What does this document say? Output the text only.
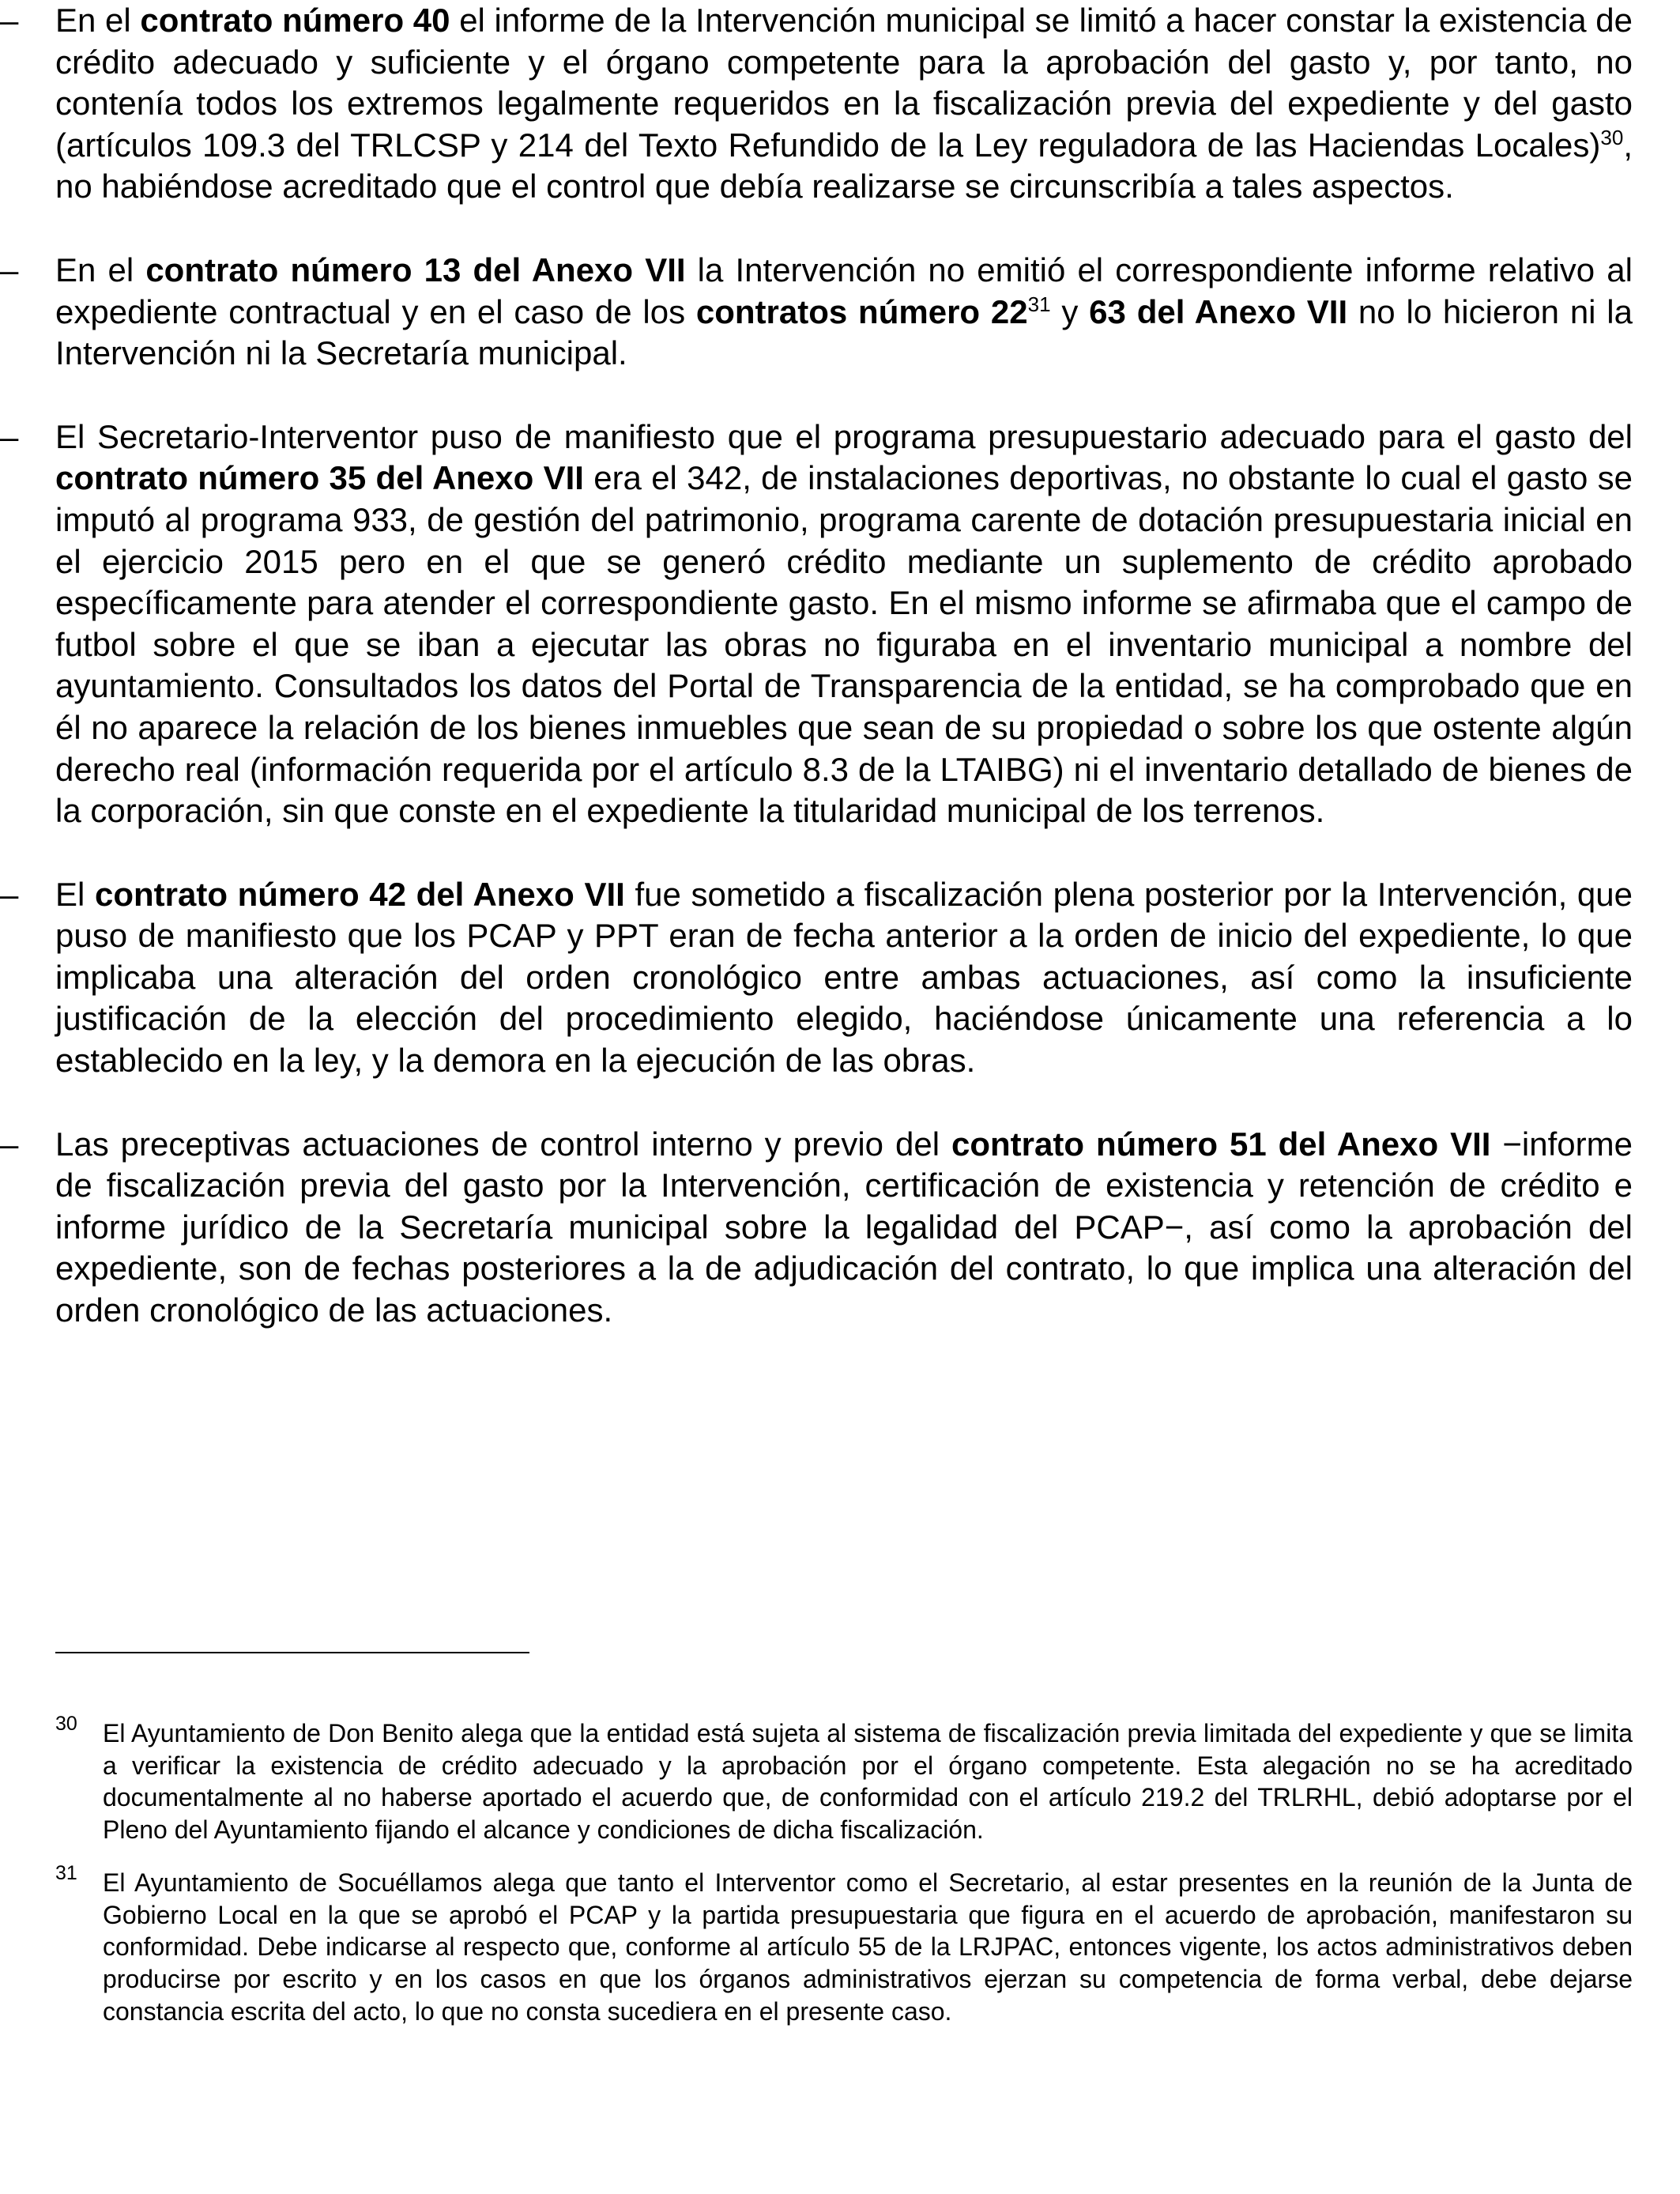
–	En el contrato número 40 el informe de la Intervención municipal se limitó a hacer constar la existencia de crédito adecuado y suficiente y el órgano competente para la aprobación del gasto y, por tanto, no contenía todos los extremos legalmente requeridos en la fiscalización previa del expediente y del gasto (artículos 109.3 del TRLCSP y 214 del Texto Refundido de la Ley reguladora de las Haciendas Locales)$^{30}$, no habiéndose acreditado que el control que debía realizarse se circunscribía a tales aspectos.
–	En el contrato número 13 del Anexo VII la Intervención no emitió el correspondiente informe relativo al expediente contractual y en el caso de los contratos número $22^{31}$ y 63 del Anexo VII no lo hicieron ni la Intervención ni la Secretaría municipal.
–	El Secretario-Interventor puso de manifiesto que el programa presupuestario adecuado para el gasto del contrato número 35 del Anexo VII era el 342, de instalaciones deportivas, no obstante lo cual el gasto se imputó al programa 933, de gestión del patrimonio, programa carente de dotación presupuestaria inicial en el ejercicio 2015 pero en el que se generó crédito mediante un suplemento de crédito aprobado específicamente para atender el correspondiente gasto. En el mismo informe se afirmaba que el campo de futbol sobre el que se iban a ejecutar las obras no figuraba en el inventario municipal a nombre del ayuntamiento. Consultados los datos del Portal de Transparencia de la entidad, se ha comprobado que en él no aparece la relación de los bienes inmuebles que sean de su propiedad o sobre los que ostente algún derecho real (información requerida por el artículo 8.3 de la LTAIBG) ni el inventario detallado de bienes de la corporación, sin que conste en el expediente la titularidad municipal de los terrenos.
–	El contrato número 42 del Anexo VII fue sometido a fiscalización plena posterior por la Intervención, que puso de manifiesto que los PCAP y PPT eran de fecha anterior a la orden de inicio del expediente, lo que implicaba una alteración del orden cronológico entre ambas actuaciones, así como la insuficiente justificación de la elección del procedimiento elegido, haciéndose únicamente una referencia a lo establecido en la ley, y la demora en la ejecución de las obras.
–	Las preceptivas actuaciones de control interno y previo del contrato número 51 del Anexo VII −informe de fiscalización previa del gasto por la Intervención, certificación de existencia y retención de crédito e informe jurídico de la Secretaría municipal sobre la legalidad del PCAP−, así como la aprobación del expediente, son de fechas posteriores a la de adjudicación del contrato, lo que implica una alteración del orden cronológico de las actuaciones.
30 El Ayuntamiento de Don Benito alega que la entidad está sujeta al sistema de fiscalización previa limitada del expediente y que se limita a verificar la existencia de crédito adecuado y la aprobación por el órgano competente. Esta alegación no se ha acreditado documentalmente al no haberse aportado el acuerdo que, de conformidad con el artículo 219.2 del TRLRHL, debió adoptarse por el Pleno del Ayuntamiento fijando el alcance y condiciones de dicha fiscalización.
31 El Ayuntamiento de Socuéllamos alega que tanto el Interventor como el Secretario, al estar presentes en la reunión de la Junta de Gobierno Local en la que se aprobó el PCAP y la partida presupuestaria que figura en el acuerdo de aprobación, manifestaron su conformidad. Debe indicarse al respecto que, conforme al artículo 55 de la LRJPAC, entonces vigente, los actos administrativos deben producirse por escrito y en los casos en que los órganos administrativos ejerzan su competencia de forma verbal, debe dejarse constancia escrita del acto, lo que no consta sucediera en el presente caso.
